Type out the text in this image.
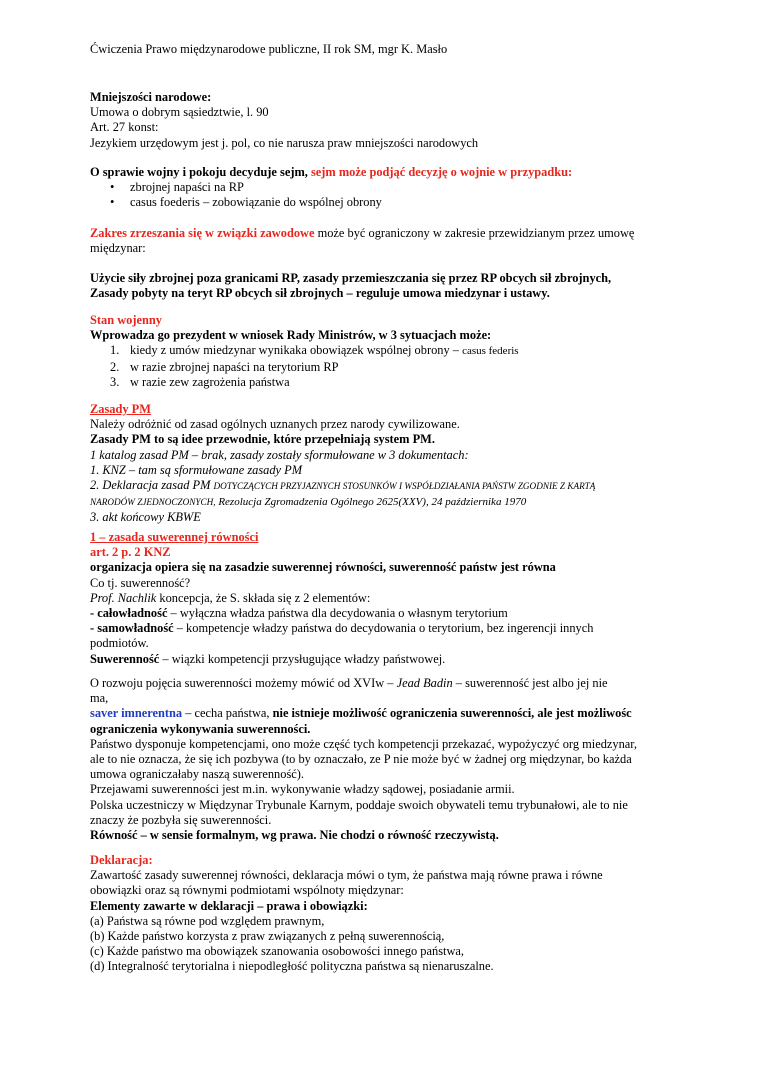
Ćwiczenia Prawo międzynarodowe publiczne, II rok SM, mgr K. Masło
Mniejszości narodowe:
Umowa o dobrym sąsiedztwie, l. 90
Art. 27 konst:
Jezykiem urzędowym jest j. pol, co nie narusza praw mniejszości narodowych
O sprawie wojny i pokoju decyduje sejm, sejm może podjąć decyzję o wojnie w przypadku:
• zbrojnej napaści na RP
• casus foederis – zobowiązanie do wspólnej obrony
Zakres zrzeszania się w związki zawodowe może być ograniczony w zakresie przewidzianym przez umowę
międzynar:
Użycie siły zbrojnej poza granicami RP, zasady przemieszczania się przez RP obcych sił zbrojnych,
Zasady pobyty na teryt RP obcych sił zbrojnych – reguluje umowa miedzynar i ustawy.
Stan wojenny
Wprowadza go prezydent w wniosek Rady Ministrów, w 3 sytuacjach może:
1. kiedy z umów miedzynar wynikaka obowiązek wspólnej obrony – casus federis
2. w razie zbrojnej napaści na terytorium RP
3. w razie zew zagrożenia państwa
Zasady PM
Należy odróżnić od zasad ogólnych uznanych przez narody cywilizowane.
Zasady PM to są idee przewodnie, które przepełniają system PM.
1 katalog zasad PM – brak, zasady zostały sformułowane w 3 dokumentach:
1. KNZ – tam są sformułowane zasady PM
2. Deklaracja zasad PM DOTYCZĄCYCH PRZYJAZNYCH STOSUNKÓW I WSPÓŁDZIAŁANIA PAŃSTW ZGODNIE Z KARTĄ
NARODÓW ZJEDNOCZONYCH, Rezolucja Zgromadzenia Ogólnego 2625(XXV), 24 października 1970
3. akt końcowy KBWE
1 – zasada suwerennej równości
art. 2 p. 2 KNZ
organizacja opiera się na zasadzie suwerennej równości, suwerenność państw jest równa
Co tj. suwerenność?
Prof. Nachlik koncepcja, że S. składa się z 2 elementów:
- całowładność – wyłączna władza państwa dla decydowania o własnym terytorium
- samowładność – kompetencje władzy państwa do decydowania o terytorium, bez ingerencji innych
podmiotów.
Suwerenność – wiązki kompetencji przysługujące władzy państwowej.
O rozwoju pojęcia suwerenności możemy mówić od XVIw – Jead Badin – suwerenność jest albo jej nie
ma,
saver imnerentna – cecha państwa, nie istnieje możliwość ograniczenia suwerenności, ale jest możliwośc
ograniczenia wykonywania suwerenności.
Państwo dysponuje kompetencjami, ono może część tych kompetencji przekazać, wypożyczyć org miedzynar,
ale to nie oznacza, że się ich pozbywa (to by oznaczało, ze P nie może być w żadnej org międzynar, bo każda
umowa ograniczałaby naszą suwerenność).
Przejawami suwerenności jest m.in. wykonywanie władzy sądowej, posiadanie armii.
Polska uczestniczy w Międzynar Trybunale Karnym, poddaje swoich obywateli temu trybunałowi, ale to nie
znaczy że pozbyła się suwerenności.
Równość – w sensie formalnym, wg prawa. Nie chodzi o równość rzeczywistą.
Deklaracja:
Zawartość zasady suwerennej równości, deklaracja mówi o tym, że państwa mają równe prawa i równe
obowiązki oraz są równymi podmiotami wspólnoty międzynar:
Elementy zawarte w deklaracji – prawa i obowiązki:
(a) Państwa są równe pod względem prawnym,
(b) Każde państwo korzysta z praw związanych z pełną suwerennością,
(c) Każde państwo ma obowiązek szanowania osobowości innego państwa,
(d) Integralność terytorialna i niepodległość polityczna państwa są nienaruszalne.
